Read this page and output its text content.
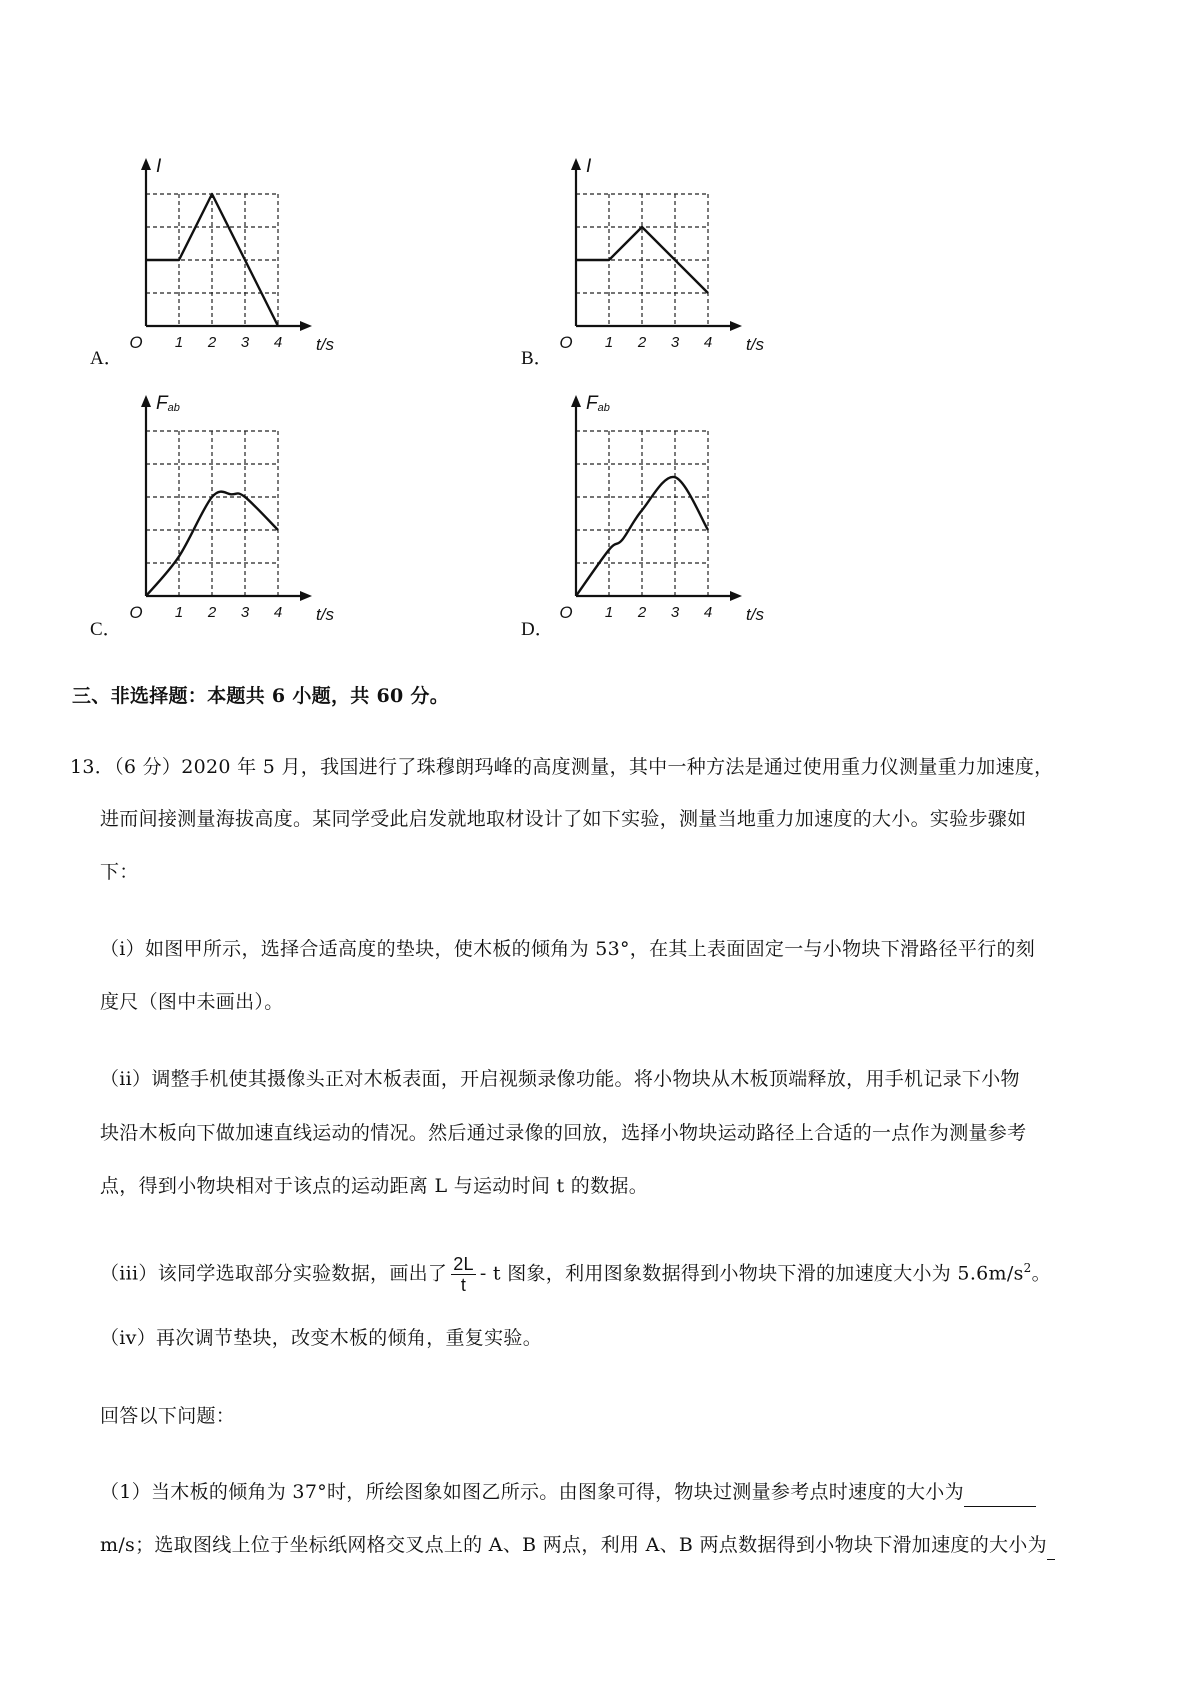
A．
I
O 1 2 3 4 t/s
B．
I
O 1 2 3 4 t/s
C．
Fab
O 1 2 3 4 t/s
D．
Fab
O 1 2 3 4 t/s
三、非选择题：本题共 6 小题，共 60 分。
13．（6 分）2020 年 5 月，我国进行了珠穆朗玛峰的高度测量，其中一种方法是通过使用重力仪测量重力加速度，
进而间接测量海拔高度。某同学受此启发就地取材设计了如下实验，测量当地重力加速度的大小。实验步骤如
下：
（i）如图甲所示，选择合适高度的垫块，使木板的倾角为 53°，在其上表面固定一与小物块下滑路径平行的刻
度尺（图中未画出）。
（ii）调整手机使其摄像头正对木板表面，开启视频录像功能。将小物块从木板顶端释放，用手机记录下小物
块沿木板向下做加速直线运动的情况。然后通过录像的回放，选择小物块运动路径上合适的一点作为测量参考
点，得到小物块相对于该点的运动距离 L 与运动时间 t 的数据。
（iii）该同学选取部分实验数据，画出了 $\frac{2L}{t}$ - t 图象，利用图象数据得到小物块下滑的加速度大小为 $5.6m/s^2$。
（iv）再次调节垫块，改变木板的倾角，重复实验。
回答以下问题：
（1）当木板的倾角为 37°时，所绘图象如图乙所示。由图象可得，物块过测量参考点时速度的大小为
m/s；选取图线上位于坐标纸网格交叉点上的 A、B 两点，利用 A、B 两点数据得到小物块下滑加速度的大小为
